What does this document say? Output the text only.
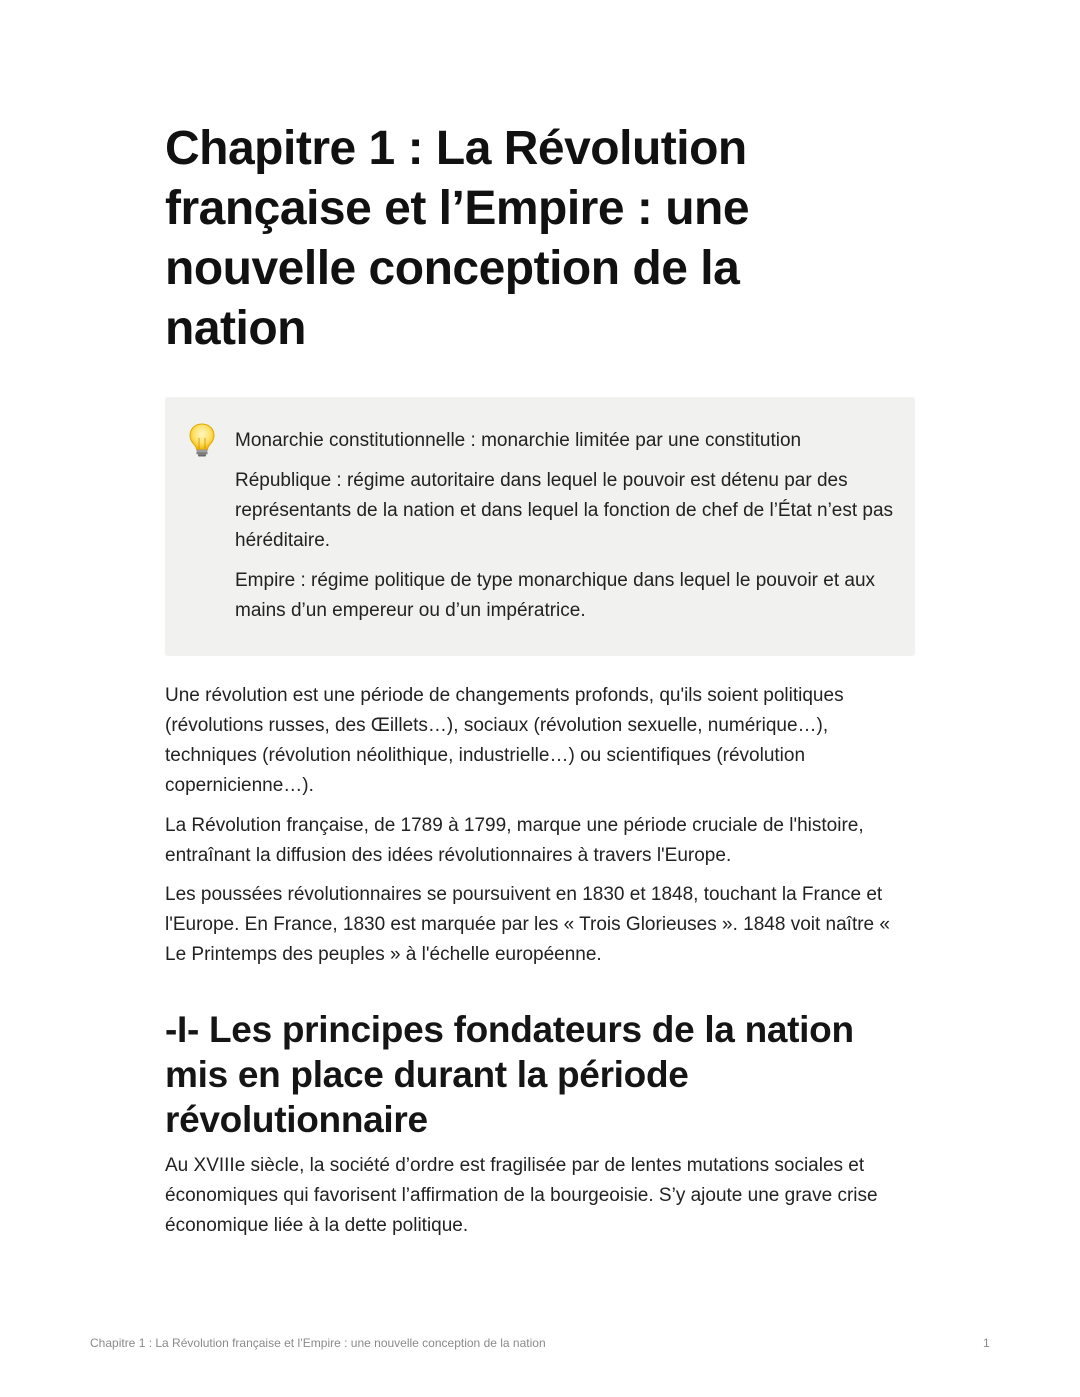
Chapitre 1 : La Révolution française et l’Empire : une nouvelle conception de la nation

Monarchie constitutionnelle : monarchie limitée par une constitution

République : régime autoritaire dans lequel le pouvoir est détenu par des représentants de la nation et dans lequel la fonction de chef de l’État n’est pas héréditaire.

Empire : régime politique de type monarchique dans lequel le pouvoir et aux mains d’un empereur ou d’un impératrice.

Une révolution est une période de changements profonds, qu'ils soient politiques (révolutions russes, des Œillets…), sociaux (révolution sexuelle, numérique…), techniques (révolution néolithique, industrielle…) ou scientifiques (révolution copernicienne…).

La Révolution française, de 1789 à 1799, marque une période cruciale de l'histoire, entraînant la diffusion des idées révolutionnaires à travers l'Europe.

Les poussées révolutionnaires se poursuivent en 1830 et 1848, touchant la France et l'Europe. En France, 1830 est marquée par les « Trois Glorieuses ». 1848 voit naître « Le Printemps des peuples » à l'échelle européenne.

-I- Les principes fondateurs de la nation mis en place durant la période révolutionnaire

Au XVIIIe siècle, la société d’ordre est fragilisée par de lentes mutations sociales et économiques qui favorisent l’affirmation de la bourgeoisie. S’y ajoute une grave crise économique liée à la dette politique.

Chapitre 1 : La Révolution française et l’Empire : une nouvelle conception de la nation	1
